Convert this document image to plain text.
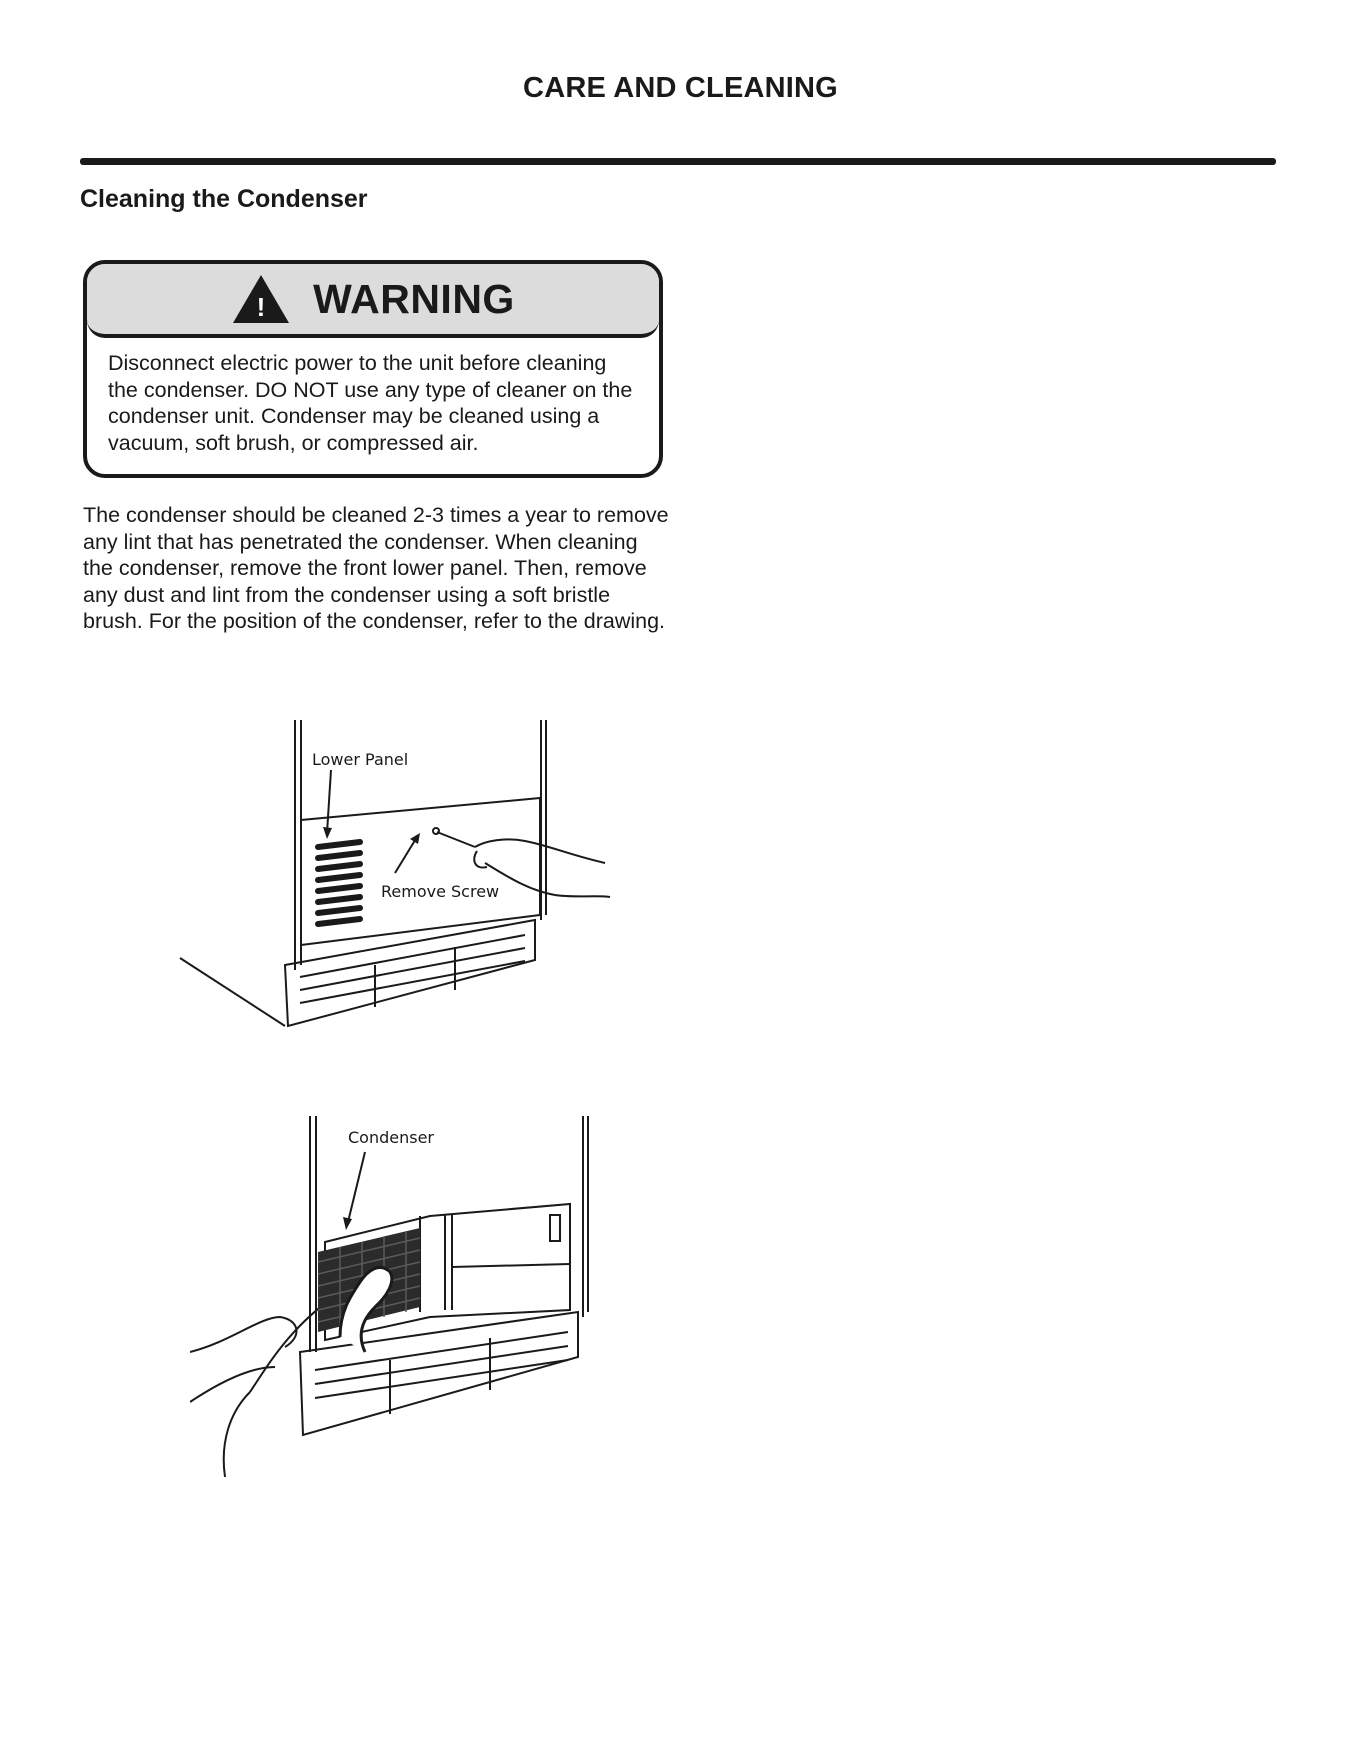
CARE AND CLEANING
Cleaning the Condenser
! WARNING
Disconnect electric power to the unit before cleaning the condenser. DO NOT use any type of cleaner on the condenser unit. Condenser may be cleaned using a vacuum, soft brush, or compressed air.

The condenser should be cleaned 2-3 times a year to remove any lint that has penetrated the condenser. When cleaning the condenser, remove the front lower panel. Then, remove any dust and lint from the condenser using a soft bristle brush. For the position of the condenser, refer to the drawing.

Lower Panel
Remove Screw
Condenser
